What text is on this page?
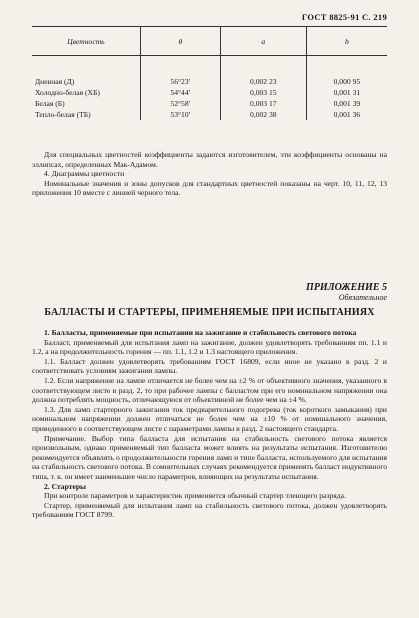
ГОСТ 8825-91 С. 219
Цветность	θ	a	b
Дневная (Д)	56°23′	0,002 23	0,000 95
Холодно-белая (ХБ)	54°44′	0,003 15	0,001 31
Белая (Б)	52°58′	0,003 17	0,001 39
Тепло-белая (ТБ)	53°10′	0,002 38	0,001 36

Для специальных цветностей коэффициенты задаются изготовителем, эти коэффициенты основаны на эллипсах, определенных Мак-Адамом.

4. Диаграммы цветности

Номинальные значения и зоны допусков для стандартных цветностей показаны на черт. 10, 11, 12, 13 приложения 10 вместе с линией черного тела.

ПРИЛОЖЕНИЕ 5
Обязательное
БАЛЛАСТЫ И СТАРТЕРЫ, ПРИМЕНЯЕМЫЕ ПРИ ИСПЫТАНИЯХ

1. Балласты, применяемые при испытании на зажигание и стабильность светового потока

Балласт, применяемый для испытания ламп на зажигание, должен удовлетворять требованиям пп. 1.1 и 1.2, а на продолжительность горения — пп. 1.1, 1.2 и 1.3 настоящего приложения.

1.1. Балласт должен удовлетворять требованиям ГОСТ 16809, если иное не указано в разд. 2 и соответствовать условиям зажигания лампы.

1.2. Если напряжение на лампе отличается не более чем на ±2 % от объективного значения, указанного в соответствующем листе в разд. 2, то при рабочее лампы с балластом при его номинальном напряжении она должна потреблять мощность, отличающуюся от объективной не более чем на ±4 %.

1.3. Для ламп стартерного зажигания ток предварительного подогрева (ток короткого замыкания) при номинальном напряжении должен отличаться не более чем на ±10 % от номинального значения, приведенного в соответствующем листе с параметрами лампы в разд. 2 настоящего стандарта.

Примечание. Выбор типа балласта для испытания на стабильность светового потока является произвольным, однако применяемый тип балласта может влиять на результаты испытания. Изготовителю рекомендуется объявлять о продолжительности горения ламп и типе балласта, используемого для испытания на стабильность светового потока. В сомнительных случаях рекомендуется применять балласт индуктивного типа, т. к. он имеет наименьшее число параметров, влияющих на результаты испытания.

2. Стартеры

При контроле параметров и характеристик применяется обычный стартер тлеющего разряда.

Стартер, применяемый для испытания ламп на стабильность светового потока, должен удовлетворять требованиям ГОСТ 8799.
